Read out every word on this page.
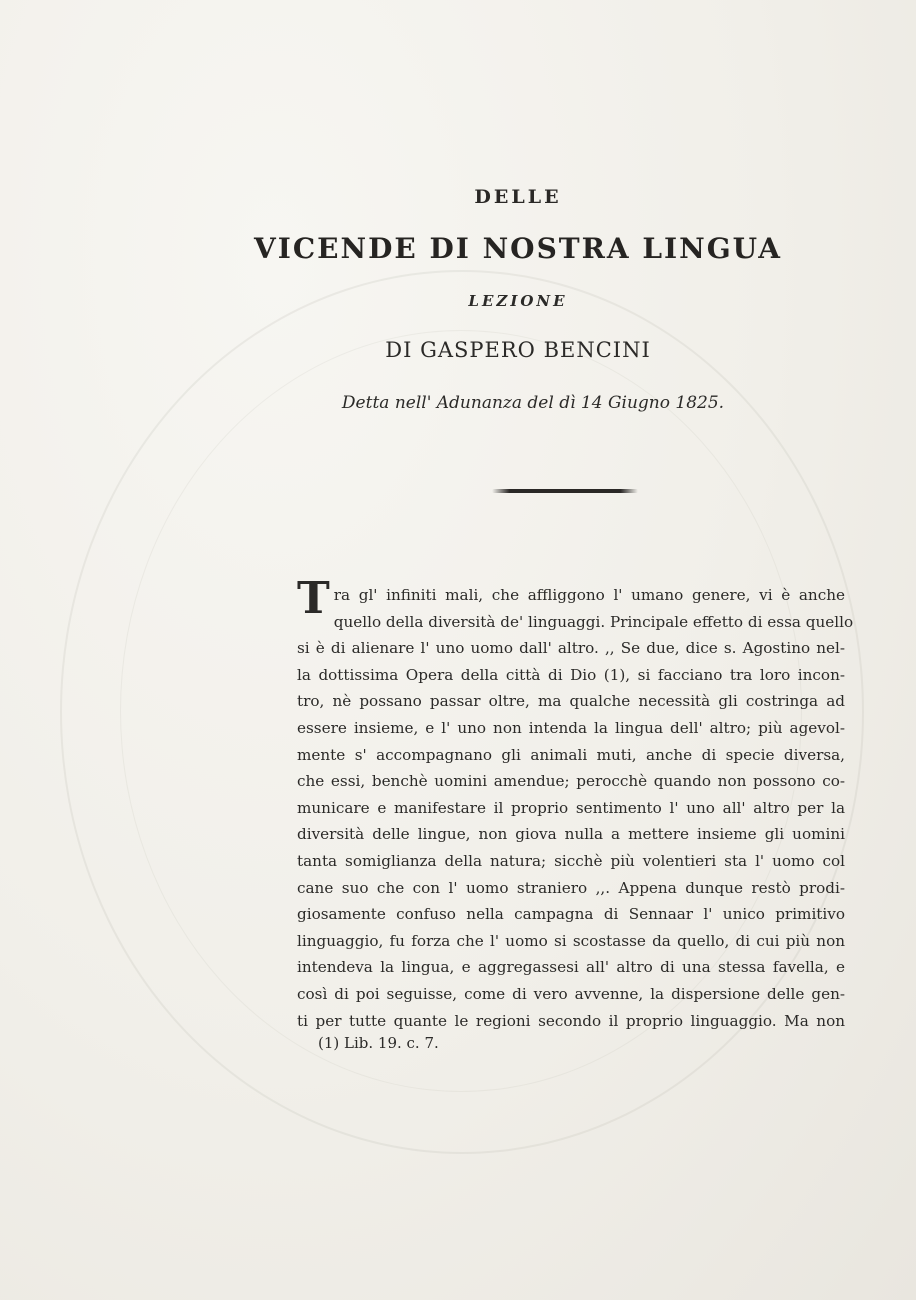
DELLE
VICENDE DI NOSTRA LINGUA
LEZIONE
DI GASPERO BENCINI
Detta nell' Adunanza del dì 14 Giugno 1825.
T ra gl' infiniti mali, che affliggono l' umano genere, vi è anche
quello della diversità de' linguaggi. Principale effetto di essa quello
si è di alienare l' uno uomo dall' altro. ,, Se due, dice s. Agostino nel-
la dottissima Opera della città di Dio (1), si facciano tra loro incon-
tro, nè possano passar oltre, ma qualche necessità gli costringa ad
essere insieme, e l' uno non intenda la lingua dell' altro; più agevol-
mente s' accompagnano gli animali muti, anche di specie diversa,
che essi, benchè uomini amendue; perocchè quando non possono co-
municare e manifestare il proprio sentimento l' uno all' altro per la
diversità delle lingue, non giova nulla a mettere insieme gli uomini
tanta somiglianza della natura; sicchè più volentieri sta l' uomo col
cane suo che con l' uomo straniero ,,. Appena dunque restò prodi-
giosamente confuso nella campagna di Sennaar l' unico primitivo
linguaggio, fu forza che l' uomo si scostasse da quello, di cui più non
intendeva la lingua, e aggregassesi all' altro di una stessa favella, e
così di poi seguisse, come di vero avvenne, la dispersione delle gen-
ti per tutte quante le regioni secondo il proprio linguaggio. Ma non
(1) Lib. 19. c. 7.
